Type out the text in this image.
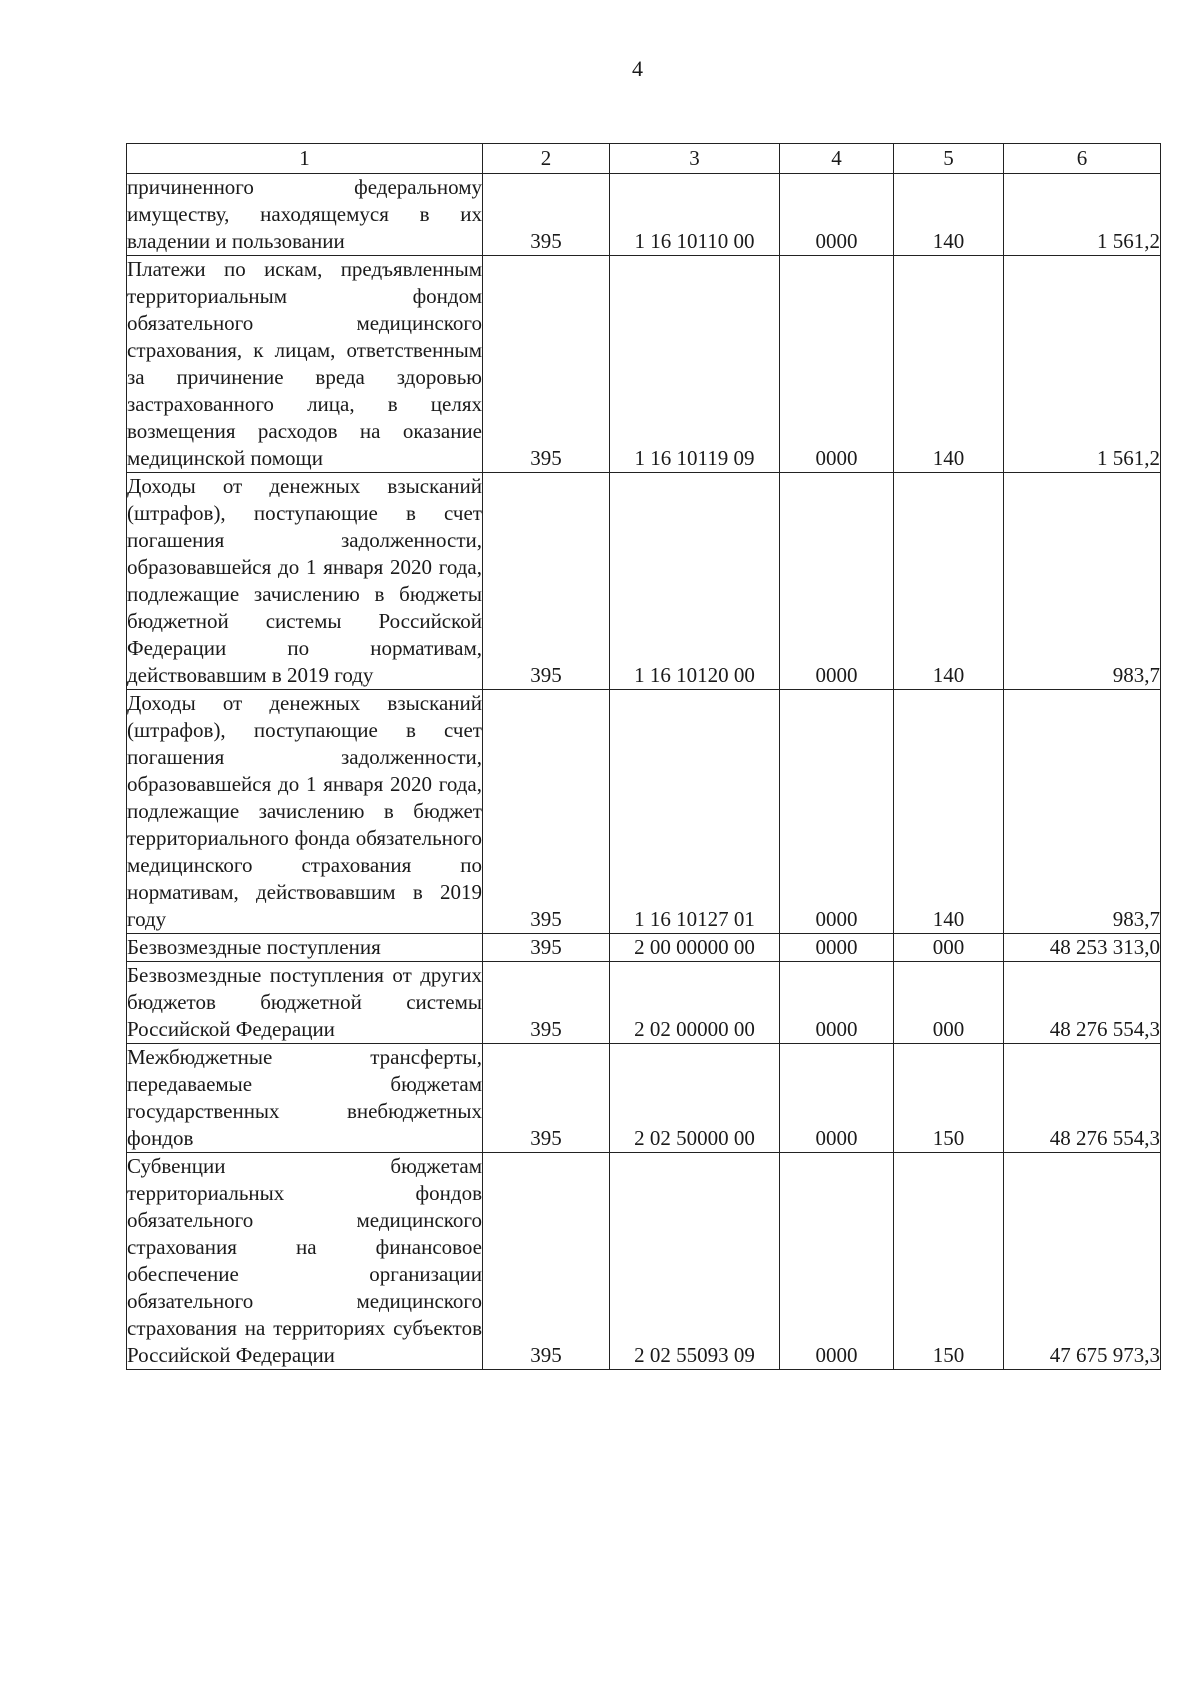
4
1	2	3	4	5	6
причиненного федеральному имуществу, находящемуся в их владении и пользовании	395	1 16 10110 00	0000	140	1 561,2
Платежи по искам, предъявленным территориальным фондом обязательного медицинского страхования, к лицам, ответственным за причинение вреда здоровью застрахованного лица, в целях возмещения расходов на оказание медицинской помощи	395	1 16 10119 09	0000	140	1 561,2
Доходы от денежных взысканий (штрафов), поступающие в счет погашения задолженности, образовавшейся до 1 января 2020 года, подлежащие зачислению в бюджеты бюджетной системы Российской Федерации по нормативам, действовавшим в 2019 году	395	1 16 10120 00	0000	140	983,7
Доходы от денежных взысканий (штрафов), поступающие в счет погашения задолженности, образовавшейся до 1 января 2020 года, подлежащие зачислению в бюджет территориального фонда обязательного медицинского страхования по нормативам, действовавшим в 2019 году	395	1 16 10127 01	0000	140	983,7
Безвозмездные поступления	395	2 00 00000 00	0000	000	48 253 313,0
Безвозмездные поступления от других бюджетов бюджетной системы Российской Федерации	395	2 02 00000 00	0000	000	48 276 554,3
Межбюджетные трансферты, передаваемые бюджетам государственных внебюджетных фондов	395	2 02 50000 00	0000	150	48 276 554,3
Субвенции бюджетам территориальных фондов обязательного медицинского страхования на финансовое обеспечение организации обязательного медицинского страхования на территориях субъектов Российской Федерации	395	2 02 55093 09	0000	150	47 675 973,3
